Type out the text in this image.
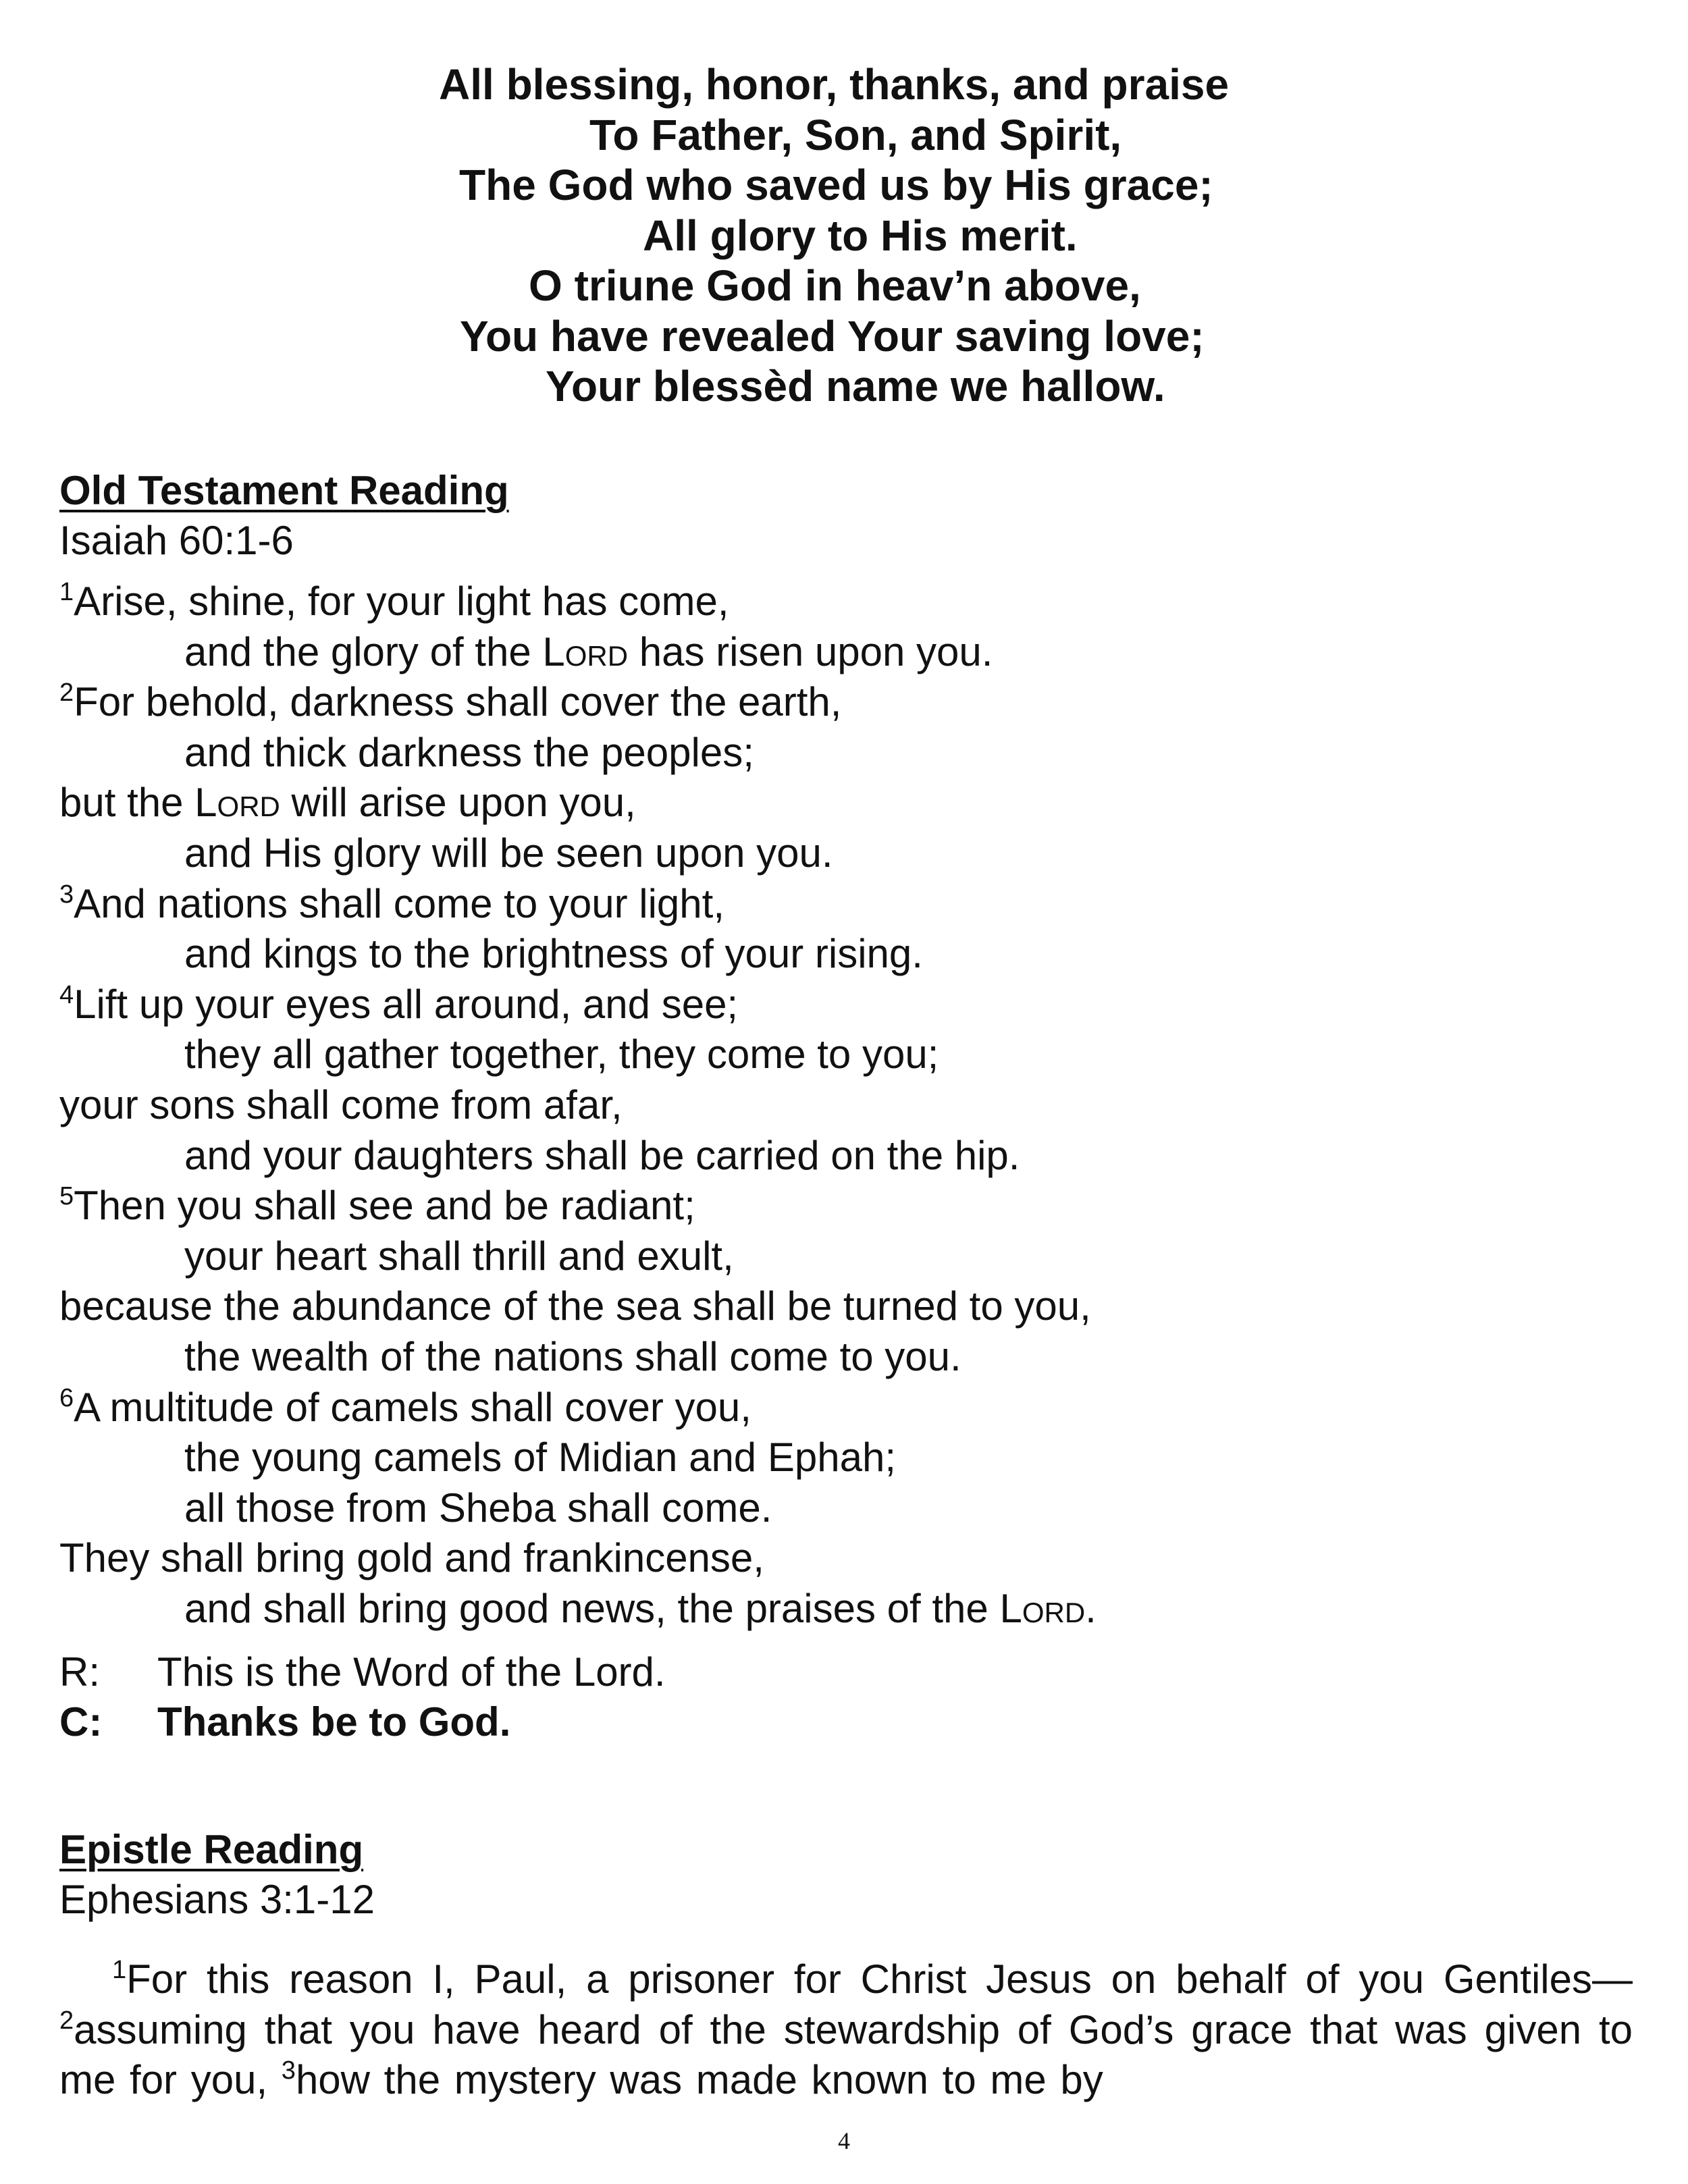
All blessing, honor, thanks, and praise
To Father, Son, and Spirit,
The God who saved us by His grace;
All glory to His merit.
O triune God in heav’n above,
You have revealed Your saving love;
Your blessèd name we hallow.
Old Testament Reading
Isaiah 60:1-6
$^1$Arise, shine, for your light has come,
and the glory of the Lord has risen upon you.
$^2$For behold, darkness shall cover the earth,
and thick darkness the peoples;
but the Lord will arise upon you,
and His glory will be seen upon you.
$^3$And nations shall come to your light,
and kings to the brightness of your rising.
$^4$Lift up your eyes all around, and see;
they all gather together, they come to you;
your sons shall come from afar,
and your daughters shall be carried on the hip.
$^5$Then you shall see and be radiant;
your heart shall thrill and exult,
because the abundance of the sea shall be turned to you,
the wealth of the nations shall come to you.
$^6$A multitude of camels shall cover you,
the young camels of Midian and Ephah;
all those from Sheba shall come.
They shall bring gold and frankincense,
and shall bring good news, the praises of the Lord.
R:	This is the Word of the Lord.
C:	Thanks be to God.
Epistle Reading
Ephesians 3:1-12
$^1$For this reason I, Paul, a prisoner for Christ Jesus on behalf of you Gentiles— $^2$assuming that you have heard of the stewardship of God’s grace that was given to me for you, $^3$how the mystery was made known to me by
4
